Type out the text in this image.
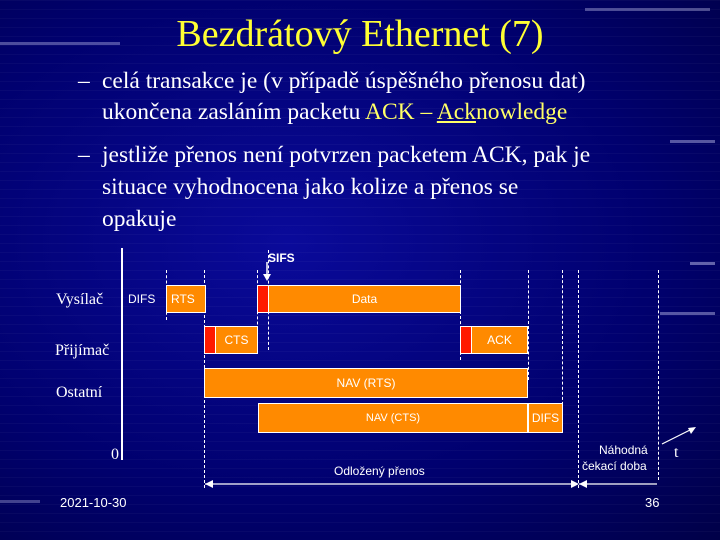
Bezdrátový Ethernet (7)
– celá transakce je (v případě úspěšného přenosu dat)
ukončena zasláním packetu ACK – Acknowledge
– jestliže přenos není potvrzen packetem ACK, pak je
situace vyhodnocena jako kolize a přenos se
opakuje
SIFS
Vysílač
Přijímač
Ostatní
DIFS RTS	Data
CTS	ACK
NAV (RTS)
NAV (CTS)	DIFS
0
Odložený přenos
Náhodná
čekací doba
t
2021-10-30	36
